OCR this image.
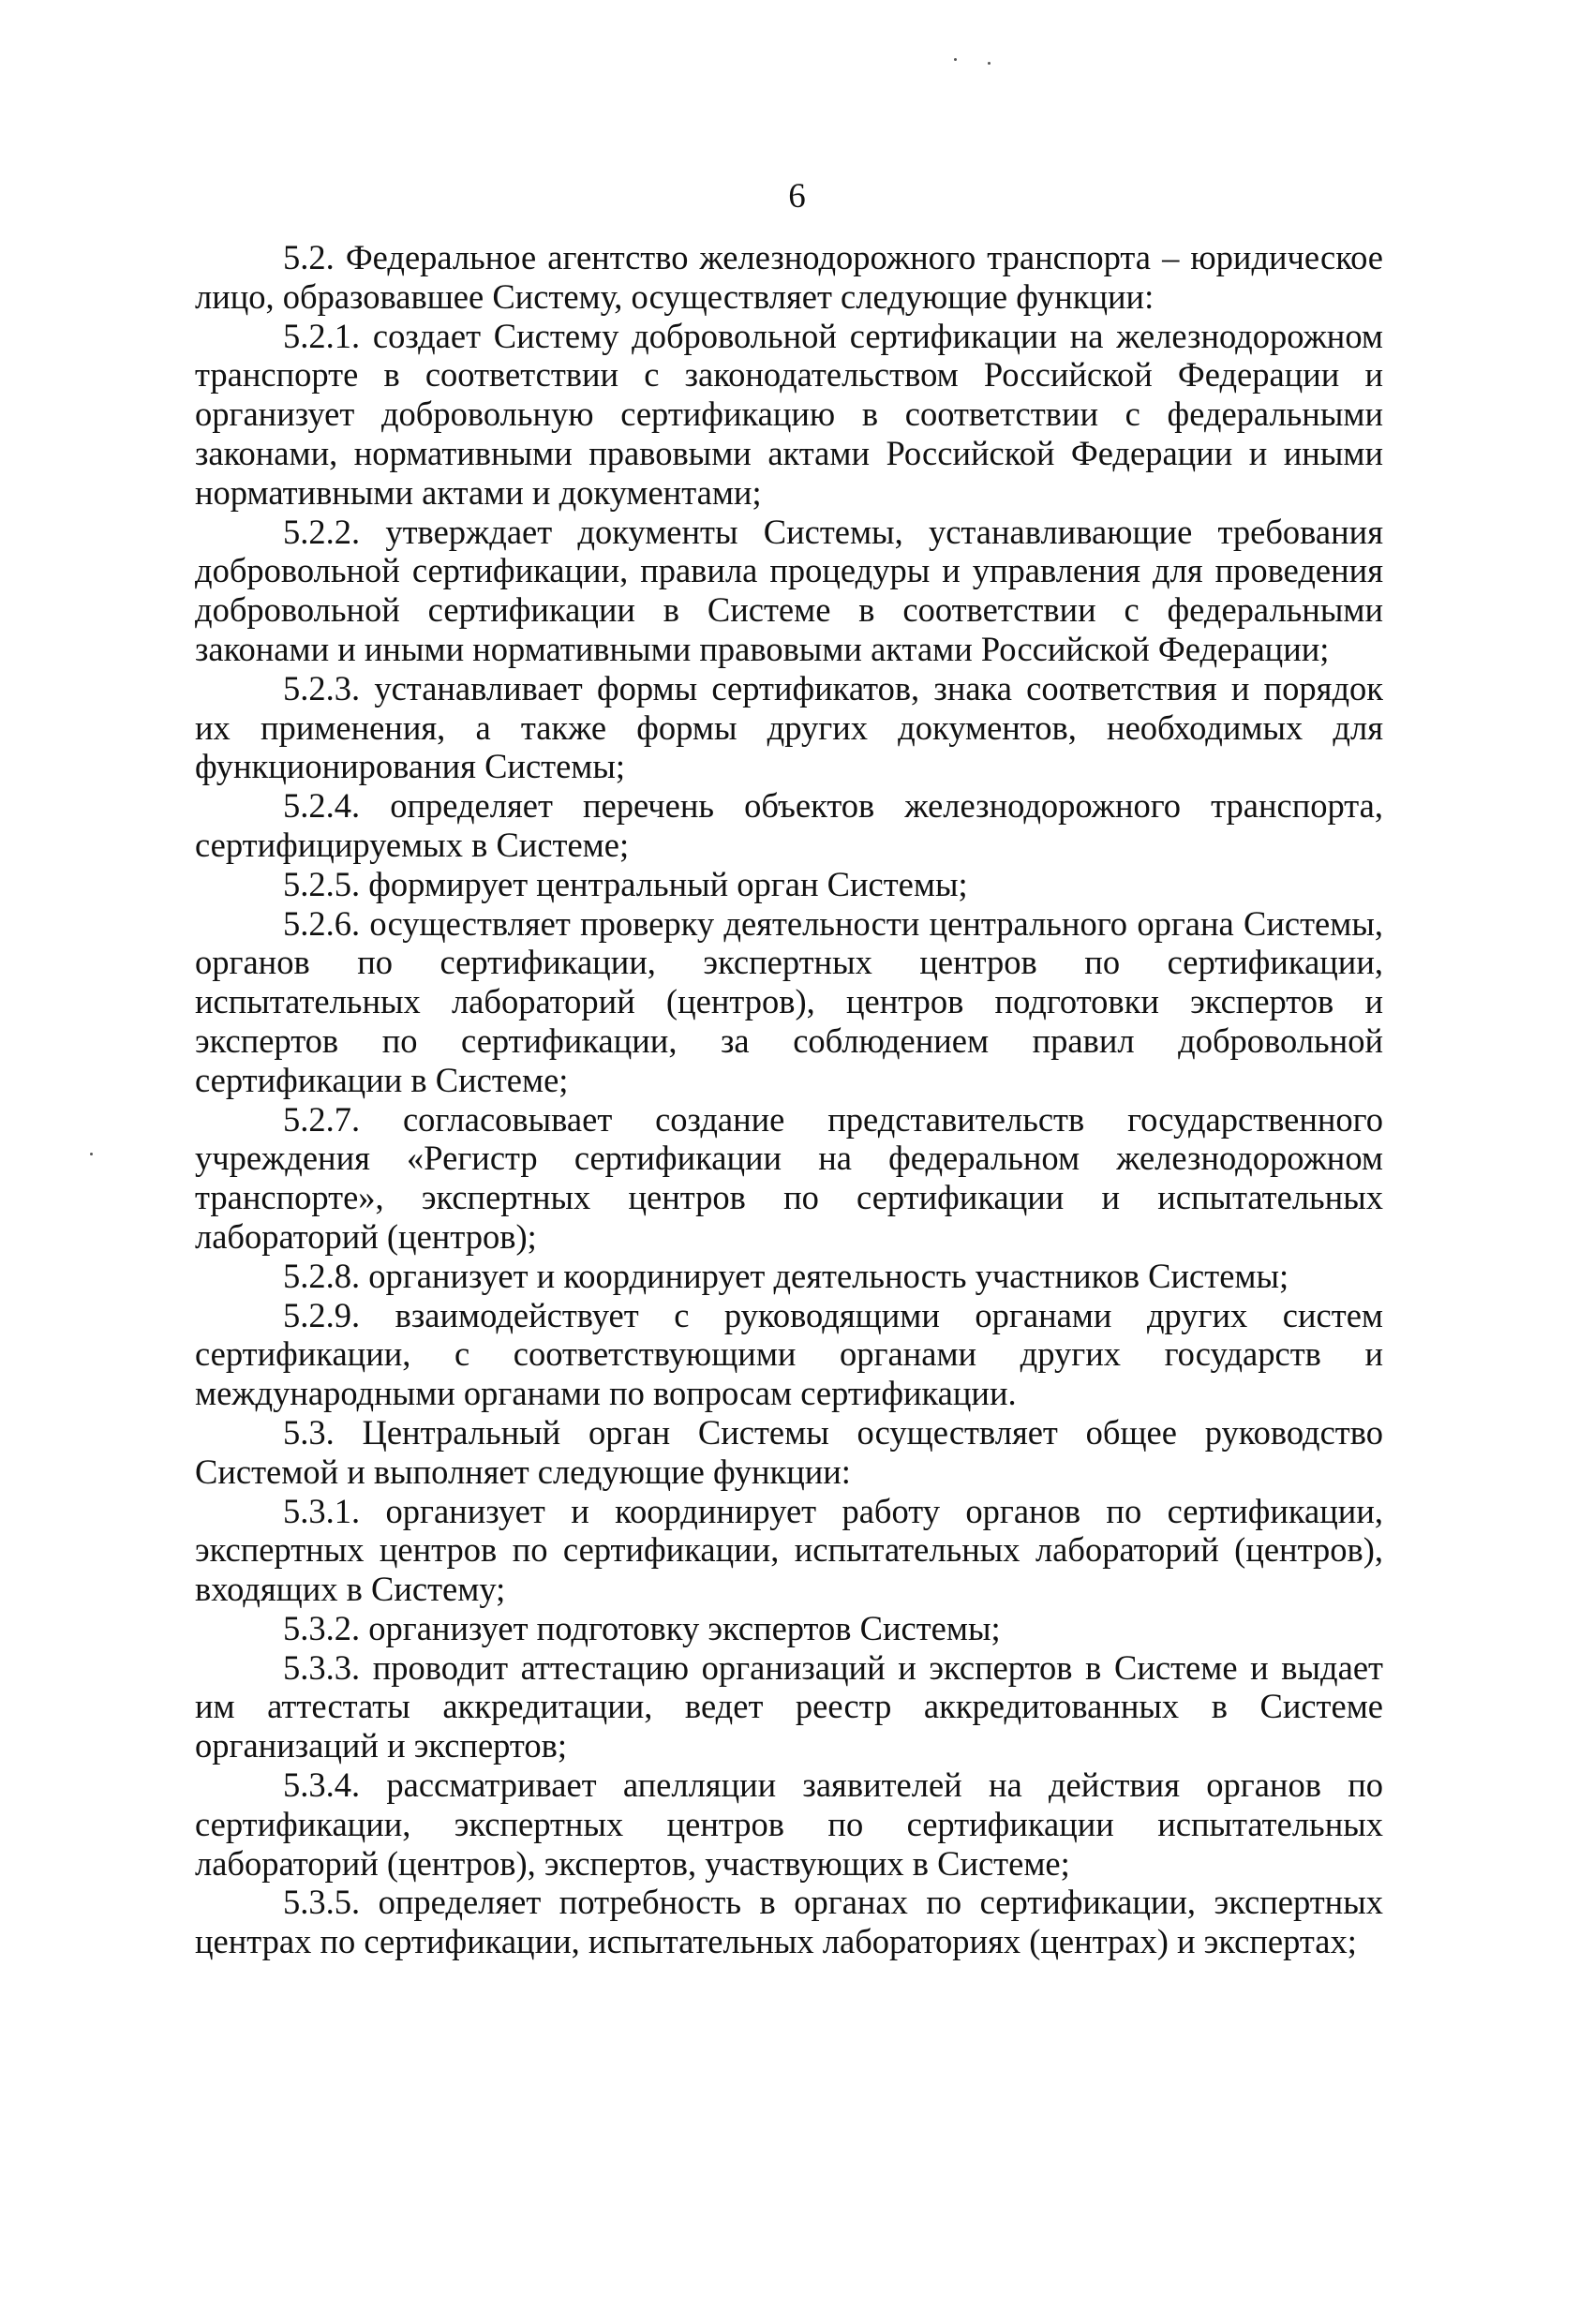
6

5.2. Федеральное агентство железнодорожного транспорта – юридическое лицо, образовавшее Систему, осуществляет следующие функции:

5.2.1. создает Систему добровольной сертификации на железнодорожном транспорте в соответствии с законодательством Российской Федерации и организует добровольную сертификацию в соответствии с федеральными законами, нормативными правовыми актами Российской Федерации и иными нормативными актами и документами;

5.2.2. утверждает документы Системы, устанавливающие требования добровольной сертификации, правила процедуры и управления для проведения добровольной сертификации в Системе в соответствии с федеральными законами и иными нормативными правовыми актами Российской Федерации;

5.2.3. устанавливает формы сертификатов, знака соответствия и порядок их применения, а также формы других документов, необходимых для функционирования Системы;

5.2.4. определяет перечень объектов железнодорожного транспорта, сертифицируемых в Системе;

5.2.5. формирует центральный орган Системы;

5.2.6. осуществляет проверку деятельности центрального органа Системы, органов по сертификации, экспертных центров по сертификации, испытательных лабораторий (центров), центров подготовки экспертов и экспертов по сертификации, за соблюдением правил добровольной сертификации в Системе;

5.2.7. согласовывает создание представительств государственного учреждения «Регистр сертификации на федеральном железнодорожном транспорте», экспертных центров по сертификации и испытательных лабораторий (центров);

5.2.8. организует и координирует деятельность участников Системы;

5.2.9. взаимодействует с руководящими органами других систем сертификации, с соответствующими органами других государств и международными органами по вопросам сертификации.

5.3. Центральный орган Системы осуществляет общее руководство Системой и выполняет следующие функции:

5.3.1. организует и координирует работу органов по сертификации, экспертных центров по сертификации, испытательных лабораторий (центров), входящих в Систему;

5.3.2. организует подготовку экспертов Системы;

5.3.3. проводит аттестацию организаций и экспертов в Системе и выдает им аттестаты аккредитации, ведет реестр аккредитованных в Системе организаций и экспертов;

5.3.4. рассматривает апелляции заявителей на действия органов по сертификации, экспертных центров по сертификации испытательных лабораторий (центров), экспертов, участвующих в Системе;

5.3.5. определяет потребность в органах по сертификации, экспертных центрах по сертификации, испытательных лабораториях (центрах) и экспертах;
